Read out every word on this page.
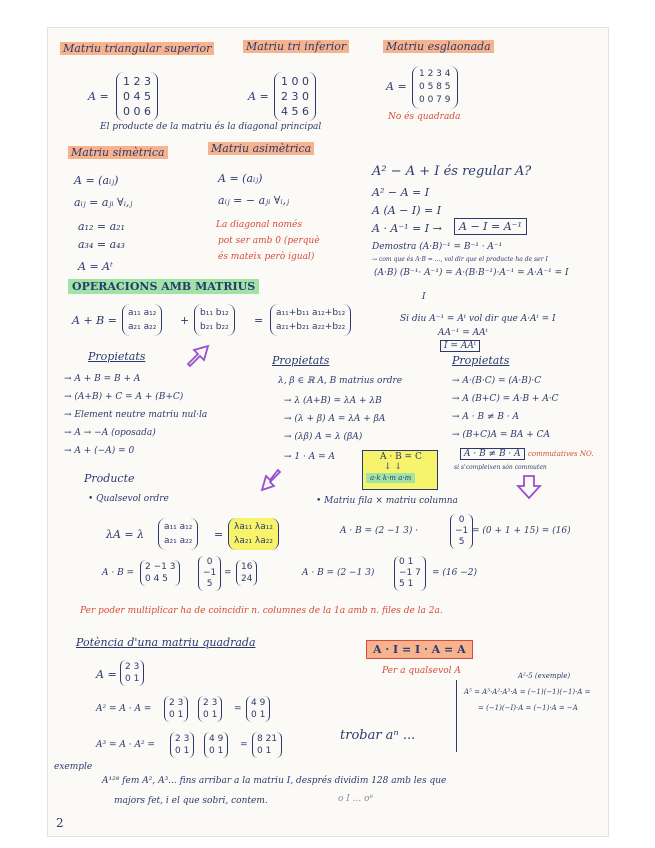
Matriu triangular superior	Matriu tri inferior	Matriu esglaonada
A =
1 2 3
0 4 5
0 0 6
A =
1 0 0
2 3 0
4 5 6
A =
1 2 3 4
0 5 8 5
0 0 7 9
El producte de la matriu és la diagonal principal
No és quadrada
Matriu simètrica	Matriu asimètrica
A = (aᵢⱼ)
aᵢⱼ = aⱼᵢ ∀ᵢ,ⱼ
a₁₂ = a₂₁
a₃₄ = a₄₃
A = Aᵗ
A = (aᵢⱼ)
aᵢⱼ = − aⱼᵢ ∀ᵢ,ⱼ
La diagonal només
pot ser amb 0 (perquè
és mateix però igual)
A² − A + I és regular A?
A² − A = I
A (A − I) = I
A · A⁻¹ = I →	A − I = A⁻¹
Demostra (A·B)⁻¹ = B⁻¹ · A⁻¹
→ com que és A·B = ..., vol dir que el producte ha de ser I
(A·B) (B⁻¹· A⁻¹) = A·(B·B⁻¹)·A⁻¹ = A·A⁻¹ = I
I
OPERACIONS AMB MATRIUS
A + B =
a₁₁ a₁₂
a₂₁ a₂₂ +
b₁₁ b₁₂
b₂₁ b₂₂ =
a₁₁+b₁₁ a₁₂+b₁₂
a₂₁+b₂₁ a₂₂+b₂₂
Si diu A⁻¹ = Aᵗ vol dir que A·Aᵗ = I
AA⁻¹ = AAᵗ
I = AAᵗ
Propietats	Propietats	Propietats
→ A + B = B + A
→ (A+B) + C = A + (B+C)
→ Element neutre matriu nul·la
→ A → −A (oposada)
→ A + (−A) = 0
λ, β ∈ ℝ A, B matrius ordre
→ λ (A+B) = λA + λB
→ (λ + β) A = λA + βA
→ (λβ) A = λ (βA)
→ 1 · A = A	A · B = C
↓ ↓
a·k k·m a·m
→ A·(B·C) = (A·B)·C
→ A (B+C) = A·B + A·C
→ A · B ≠ B · A
→ (B+C)A = BA + CA
A · B ≠ B · A	commutatives NO.
si s'compleixen són commuten
Producte
• Qualsevol ordre	• Matriu fila × matriu columna
λA = λ
a₁₁ a₁₂
a₂₁ a₂₂ =
λa₁₁ λa₁₂
λa₂₁ λa₂₂
A · B = (2 −1 3) ·
0
−1
5
= (0 + 1 + 15) = (16)
A · B =
2 −1 3
0 4 5
0
−1
5
=
16
24
A · B = (2 −1 3)
0 1
−1 7
5 1
= (16 −2)
Per poder multiplicar ha de coincidir n. columnes de la 1a amb n. files de la 2a.
Potència d'una matriu quadrada
A =
2 3
0 1
A² = A · A =
2 3
0 1
2 3
0 1
=
4 9
0 1
A³ = A · A² =
2 3
0 1
4 9
0 1
=
8 21
0 1
trobar aⁿ ...
A · I = I · A = A
Per a qualsevol A	A²-5 (exemple)
A⁵ = A³·A²·A³·A = (−1)(−1)(−1)·A =
= (−1)(−I)·A = (−1)·A = −A
exemple
A¹²⁸ fem A², A³... fins arribar a la matriu I, després dividim 128 amb les que
majors fet, i el que sobri, contem.	o I ... o⁸
2
